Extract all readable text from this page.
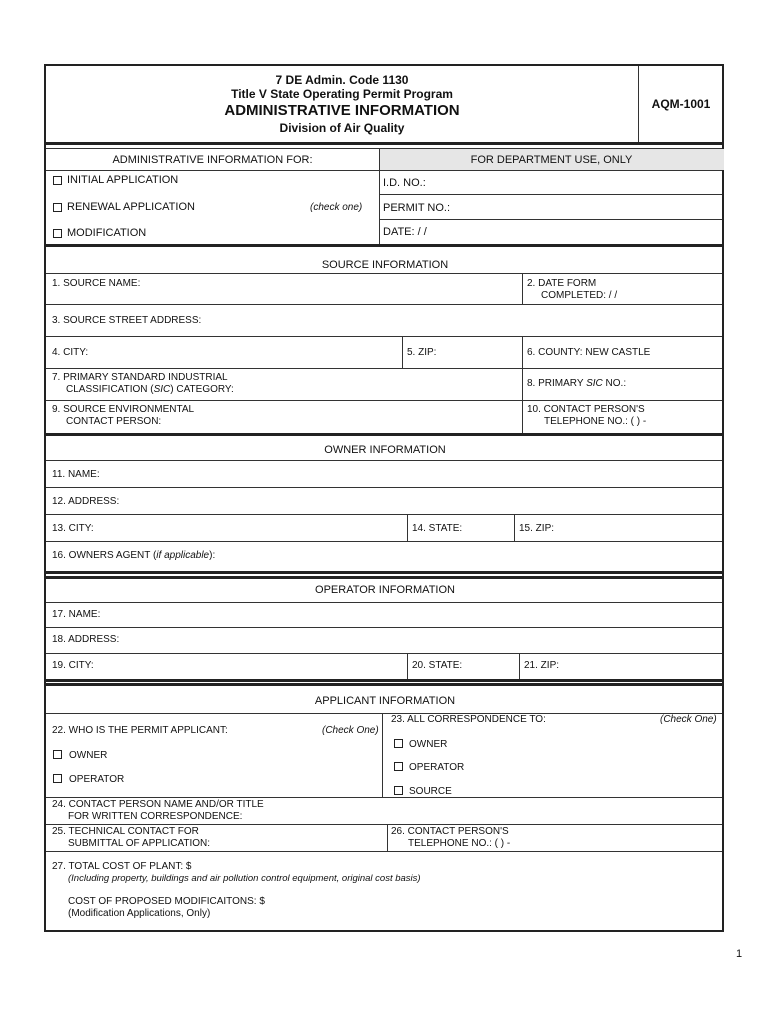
7 DE Admin. Code 1130
Title V State Operating Permit Program
ADMINISTRATIVE INFORMATION
Division of Air Quality
AQM-1001
ADMINISTRATIVE INFORMATION FOR:	FOR DEPARTMENT USE, ONLY
INITIAL APPLICATION	I.D. NO.:
RENEWAL APPLICATION	(check one) PERMIT NO.:
MODIFICATION	DATE: / /
SOURCE INFORMATION
1. SOURCE NAME:	2. DATE FORM
COMPLETED: / /
3. SOURCE STREET ADDRESS:
4. CITY:	5. ZIP:	6. COUNTY: NEW CASTLE
7. PRIMARY STANDARD INDUSTRIAL
CLASSIFICATION (SIC) CATEGORY:
8. PRIMARY SIC NO.:
9. SOURCE ENVIRONMENTAL
CONTACT PERSON:
10. CONTACT PERSON'S
TELEPHONE NO.: ( ) -
OWNER INFORMATION
11. NAME:
12. ADDRESS:
13. CITY:	14. STATE:	15. ZIP:
16. OWNERS AGENT (if applicable):
OPERATOR INFORMATION
17. NAME:
18. ADDRESS:
19. CITY:	20. STATE:	21. ZIP:
APPLICANT INFORMATION
22. WHO IS THE PERMIT APPLICANT:	(Check One)
OWNER
OPERATOR
23. ALL CORRESPONDENCE TO:	(Check One)
OWNER
OPERATOR
SOURCE
24. CONTACT PERSON NAME AND/OR TITLE
FOR WRITTEN CORRESPONDENCE:
25. TECHNICAL CONTACT FOR
SUBMITTAL OF APPLICATION:
26. CONTACT PERSON'S
TELEPHONE NO.: ( ) -
27. TOTAL COST OF PLANT: $
(Including property, buildings and air pollution control equipment, original cost basis)
COST OF PROPOSED MODIFICAITONS: $
(Modification Applications, Only)
1
